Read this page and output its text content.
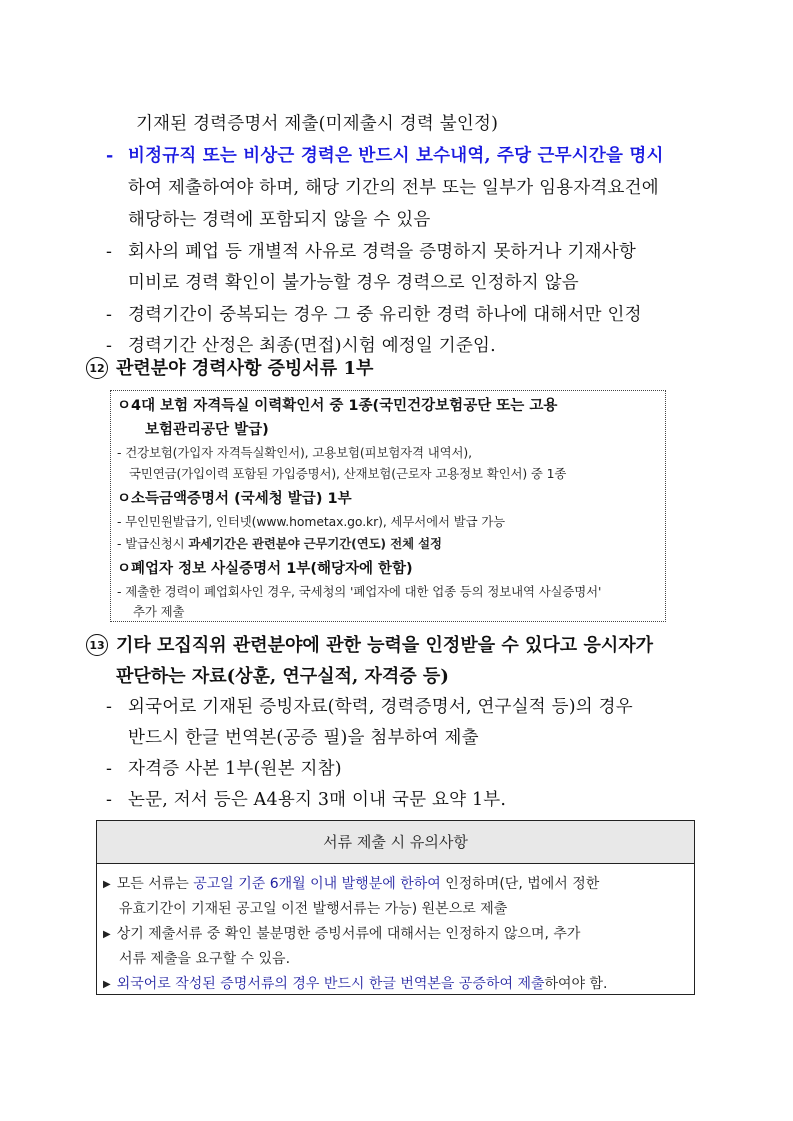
기재된 경력증명서 제출(미제출시 경력 불인정)
- 비정규직 또는 비상근 경력은 반드시 보수내역, 주당 근무시간을 명시
하여 제출하여야 하며, 해당 기간의 전부 또는 일부가 임용자격요건에
해당하는 경력에 포함되지 않을 수 있음
- 회사의 폐업 등 개별적 사유로 경력을 증명하지 못하거나 기재사항
미비로 경력 확인이 불가능할 경우 경력으로 인정하지 않음
- 경력기간이 중복되는 경우 그 중 유리한 경력 하나에 대해서만 인정
- 경력기간 산정은 최종(면접)시험 예정일 기준임.
12 관련분야 경력사항 증빙서류 1부
ㅇ4대 보험 자격득실 이력확인서 중 1종(국민건강보험공단 또는 고용
보험관리공단 발급)
- 건강보험(가입자 자격득실확인서), 고용보험(피보험자격 내역서),
국민연금(가입이력 포함된 가입증명서), 산재보험(근로자 고용정보 확인서) 중 1종
ㅇ소득금액증명서 (국세청 발급) 1부
- 무인민원발급기, 인터넷(www.hometax.go.kr), 세무서에서 발급 가능
- 발급신청시 과세기간은 관련분야 근무기간(연도) 전체 설정
ㅇ폐업자 정보 사실증명서 1부(해당자에 한함)
- 제출한 경력이 폐업회사인 경우, 국세청의 '폐업자에 대한 업종 등의 정보내역 사실증명서'
추가 제출
13 기타 모집직위 관련분야에 관한 능력을 인정받을 수 있다고 응시자가
판단하는 자료(상훈, 연구실적, 자격증 등)
- 외국어로 기재된 증빙자료(학력, 경력증명서, 연구실적 등)의 경우
반드시 한글 번역본(공증 필)을 첨부하여 제출
- 자격증 사본 1부(원본 지참)
- 논문, 저서 등은 A4용지 3매 이내 국문 요약 1부.
서류 제출 시 유의사항
▶ 모든 서류는 공고일 기준 6개월 이내 발행분에 한하여 인정하며(단, 법에서 정한
유효기간이 기재된 공고일 이전 발행서류는 가능) 원본으로 제출
▶ 상기 제출서류 중 확인 불분명한 증빙서류에 대해서는 인정하지 않으며, 추가
서류 제출을 요구할 수 있음.
▶ 외국어로 작성된 증명서류의 경우 반드시 한글 번역본을 공증하여 제출하여야 함.
